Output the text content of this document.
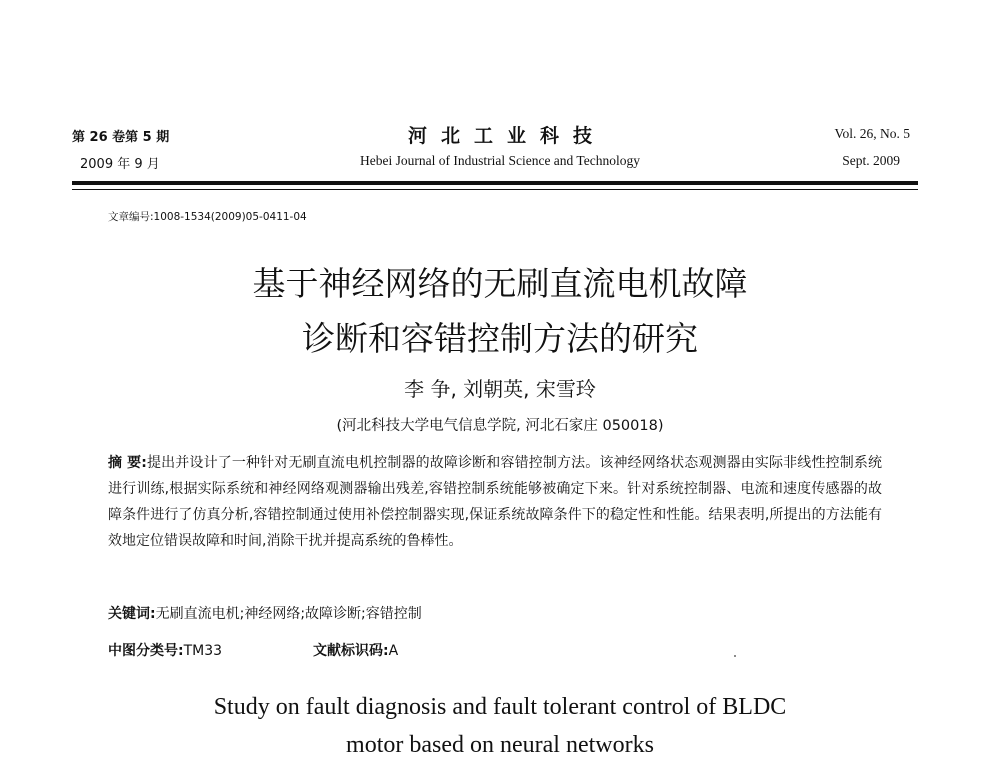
第 26 卷第 5 期
2009 年 9 月
河北工业科技
Hebei Journal of Industrial Science and Technology
Vol. 26, No. 5
Sept. 2009
文章编号:1008-1534(2009)05-0411-04
基于神经网络的无刷直流电机故障
诊断和容错控制方法的研究
李 争, 刘朝英, 宋雪玲
(河北科技大学电气信息学院, 河北石家庄 050018)
摘 要:提出并设计了一种针对无刷直流电机控制器的故障诊断和容错控制方法。该神经网络状态观测器由实际非线性控制系统进行训练,根据实际系统和神经网络观测器输出残差,容错控制系统能够被确定下来。针对系统控制器、电流和速度传感器的故障条件进行了仿真分析,容错控制通过使用补偿控制器实现,保证系统故障条件下的稳定性和性能。结果表明,所提出的方法能有效地定位错误故障和时间,消除干扰并提高系统的鲁棒性。
关键词:无刷直流电机;神经网络;故障诊断;容错控制
中图分类号:TM33	文献标识码:A
Study on fault diagnosis and fault tolerant control of BLDC
motor based on neural networks
